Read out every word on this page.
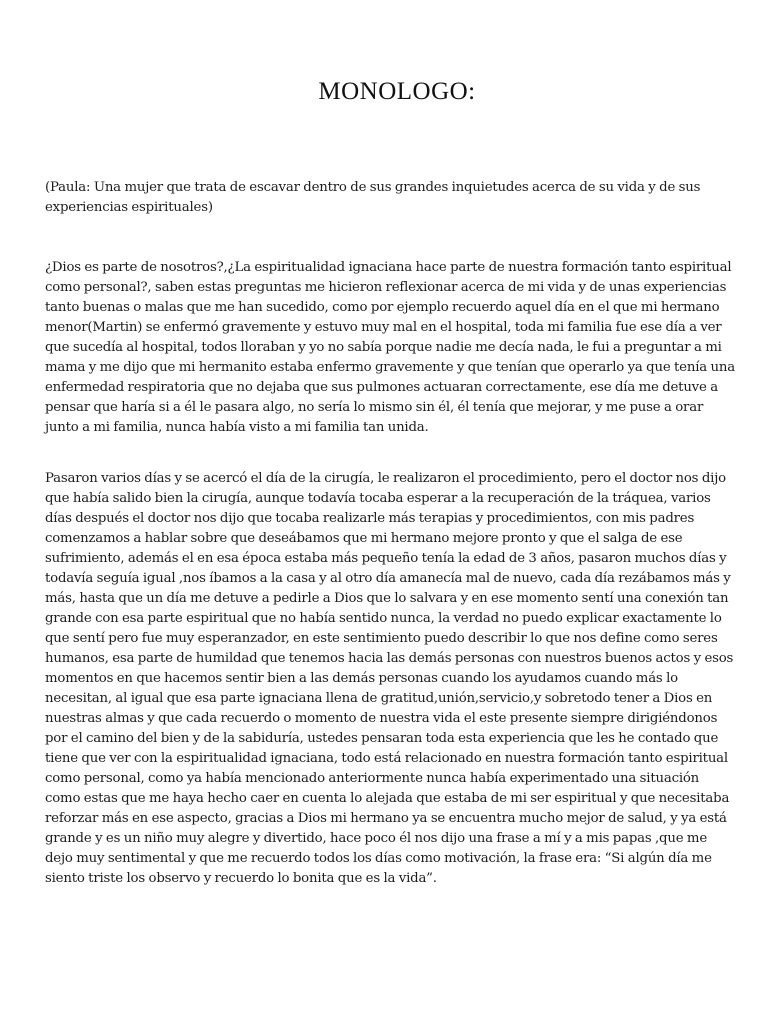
MONOLOGO:

(Paula: Una mujer que trata de escavar dentro de sus grandes inquietudes acerca de su vida y de sus experiencias espirituales)

¿Dios es parte de nosotros?,¿La espiritualidad ignaciana hace parte de nuestra formación tanto espiritual como personal?, saben estas preguntas me hicieron reflexionar acerca de mi vida y de unas experiencias tanto buenas o malas que me han sucedido, como por ejemplo recuerdo aquel día en el que mi hermano menor(Martin) se enfermó gravemente y estuvo muy mal en el hospital, toda mi familia fue ese día a ver que sucedía al hospital, todos lloraban y yo no sabía porque nadie me decía nada, le fui a preguntar a mi mama y me dijo que mi hermanito estaba enfermo gravemente y que tenían que operarlo ya que tenía una enfermedad respiratoria que no dejaba que sus pulmones actuaran correctamente, ese día me detuve a pensar que haría si a él le pasara algo, no sería lo mismo sin él, él tenía que mejorar, y me puse a orar junto a mi familia, nunca había visto a mi familia tan unida.

Pasaron varios días y se acercó el día de la cirugía, le realizaron el procedimiento, pero el doctor nos dijo que había salido bien la cirugía, aunque todavía tocaba esperar a la recuperación de la tráquea, varios días después el doctor nos dijo que tocaba realizarle más terapias y procedimientos, con mis padres comenzamos a hablar sobre que deseábamos que mi hermano mejore pronto y que el salga de ese sufrimiento, además el en esa época estaba más pequeño tenía la edad de 3 años, pasaron muchos días y todavía seguía igual ,nos íbamos a la casa y al otro día amanecía mal de nuevo, cada día rezábamos más y más, hasta que un día me detuve a pedirle a Dios que lo salvara y en ese momento sentí una conexión tan grande con esa parte espiritual que no había sentido nunca, la verdad no puedo explicar exactamente lo que sentí pero fue muy esperanzador, en este sentimiento puedo describir lo que nos define como seres humanos, esa parte de humildad que tenemos hacia las demás personas con nuestros buenos actos y esos momentos en que hacemos sentir bien a las demás personas cuando los ayudamos cuando más lo necesitan, al igual que esa parte ignaciana llena de gratitud,unión,servicio,y sobretodo tener a Dios en nuestras almas y que cada recuerdo o momento de nuestra vida el este presente siempre dirigiéndonos por el camino del bien y de la sabiduría, ustedes pensaran toda esta experiencia que les he contado que tiene que ver con la espiritualidad ignaciana, todo está relacionado en nuestra formación tanto espiritual como personal, como ya había mencionado anteriormente nunca había experimentado una situación como estas que me haya hecho caer en cuenta lo alejada que estaba de mi ser espiritual y que necesitaba reforzar más en ese aspecto, gracias a Dios mi hermano ya se encuentra mucho mejor de salud, y ya está grande y es un niño muy alegre y divertido, hace poco él nos dijo una frase a mí y a mis papas ,que me dejo muy sentimental y que me recuerdo todos los días como motivación, la frase era: “Si algún día me siento triste los observo y recuerdo lo bonita que es la vida”.
